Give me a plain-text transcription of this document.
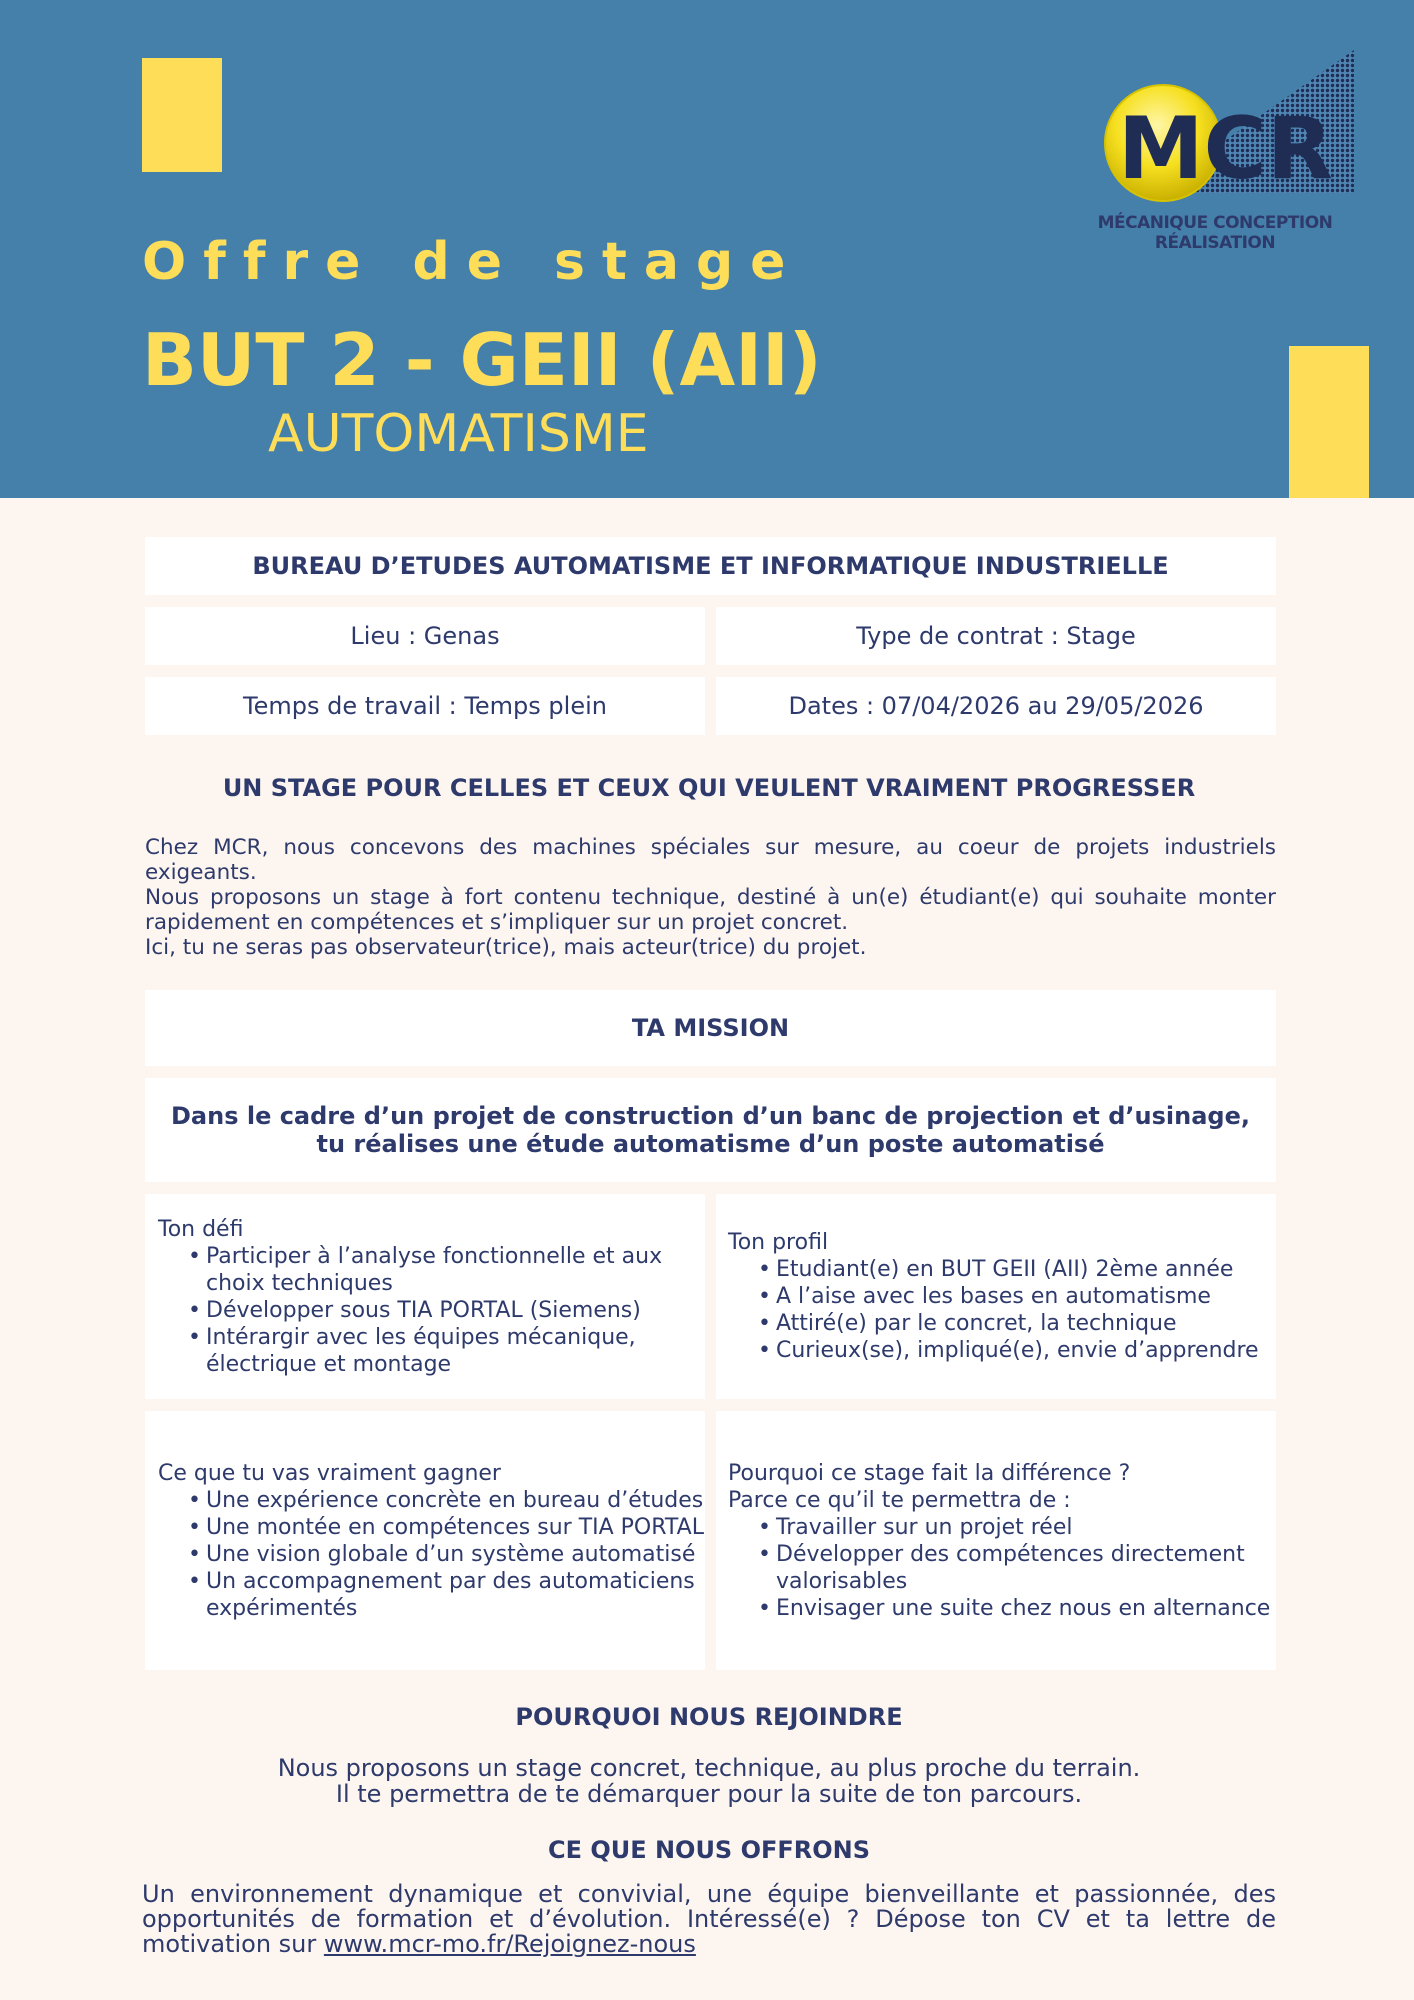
Offre de stage
BUT 2 - GEII (AII)
AUTOMATISME
MCR
MÉCANIQUE CONCEPTION RÉALISATION
BUREAU D’ETUDES AUTOMATISME ET INFORMATIQUE INDUSTRIELLE
Lieu : Genas	Type de contrat : Stage
Temps de travail : Temps plein	Dates : 07/04/2026 au 29/05/2026
UN STAGE POUR CELLES ET CEUX QUI VEULENT VRAIMENT PROGRESSER

Chez MCR, nous concevons des machines spéciales sur mesure, au coeur de projets industriels exigeants.

Nous proposons un stage à fort contenu technique, destiné à un(e) étudiant(e) qui souhaite monter rapidement en compétences et s’impliquer sur un projet concret.

Ici, tu ne seras pas observateur(trice), mais acteur(trice) du projet.

TA MISSION
Dans le cadre d’un projet de construction d’un banc de projection et d’usinage, tu réalises une étude automatisme d’un poste automatisé
Ton défi
• Participer à l’analyse fonctionnelle et aux choix techniques
• Développer sous TIA PORTAL (Siemens)
• Intérargir avec les équipes mécanique, électrique et montage
Ton profil
• Etudiant(e) en BUT GEII (AII) 2ème année
• A l’aise avec les bases en automatisme
• Attiré(e) par le concret, la technique
• Curieux(se), impliqué(e), envie d’apprendre
Ce que tu vas vraiment gagner
• Une expérience concrète en bureau d’études
• Une montée en compétences sur TIA PORTAL
• Une vision globale d’un système automatisé
• Un accompagnement par des automaticiens expérimentés
Pourquoi ce stage fait la différence ?
Parce ce qu’il te permettra de :
• Travailler sur un projet réel
• Développer des compétences directement valorisables
• Envisager une suite chez nous en alternance
POURQUOI NOUS REJOINDRE
Nous proposons un stage concret, technique, au plus proche du terrain.
Il te permettra de te démarquer pour la suite de ton parcours.
CE QUE NOUS OFFRONS
Un environnement dynamique et convivial, une équipe bienveillante et passionnée, des opportunités de formation et d’évolution. Intéressé(e) ? Dépose ton CV et ta lettre de motivation sur www.mcr-mo.fr/Rejoignez-nous
